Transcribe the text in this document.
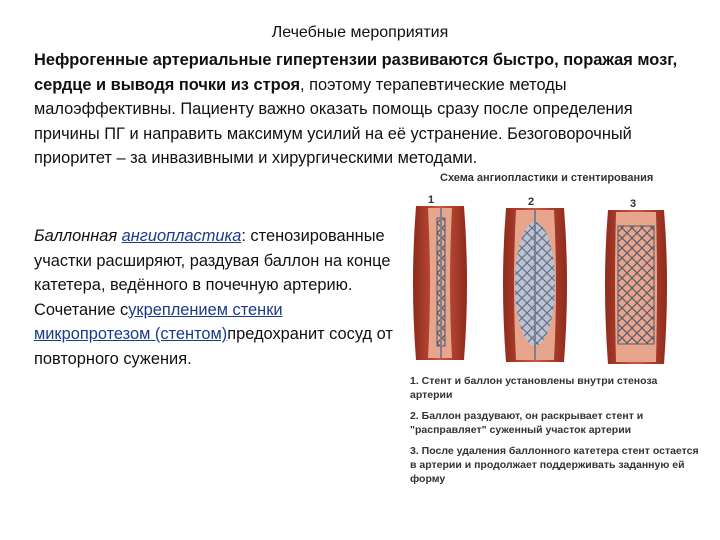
Лечебные мероприятия
Нефрогенные артериальные гипертензии развиваются быстро, поражая мозг, сердце и выводя почки из строя, поэтому терапевтические методы малоэффективны. Пациенту важно оказать помощь сразу после определения причины ПГ и направить максимум усилий на её устранение. Безоговорочный приоритет – за инвазивными и хирургическими методами.
Баллонная ангиопластика: стенозированные участки расширяют, раздувая баллон на конце катетера, ведённого в почечную артерию. Сочетание сукреплением стенки микропротезом (стентом)предохранит сосуд от повторного сужения.
Схема ангиопластики и стентирования
1	2	3

1. Стент и баллон установлены внутри стеноза артерии

2. Баллон раздувают, он раскрывает стент и "расправляет" суженный участок артерии

3. После удаления баллонного катетера стент остается в артерии и продолжает поддерживать заданную ей форму
